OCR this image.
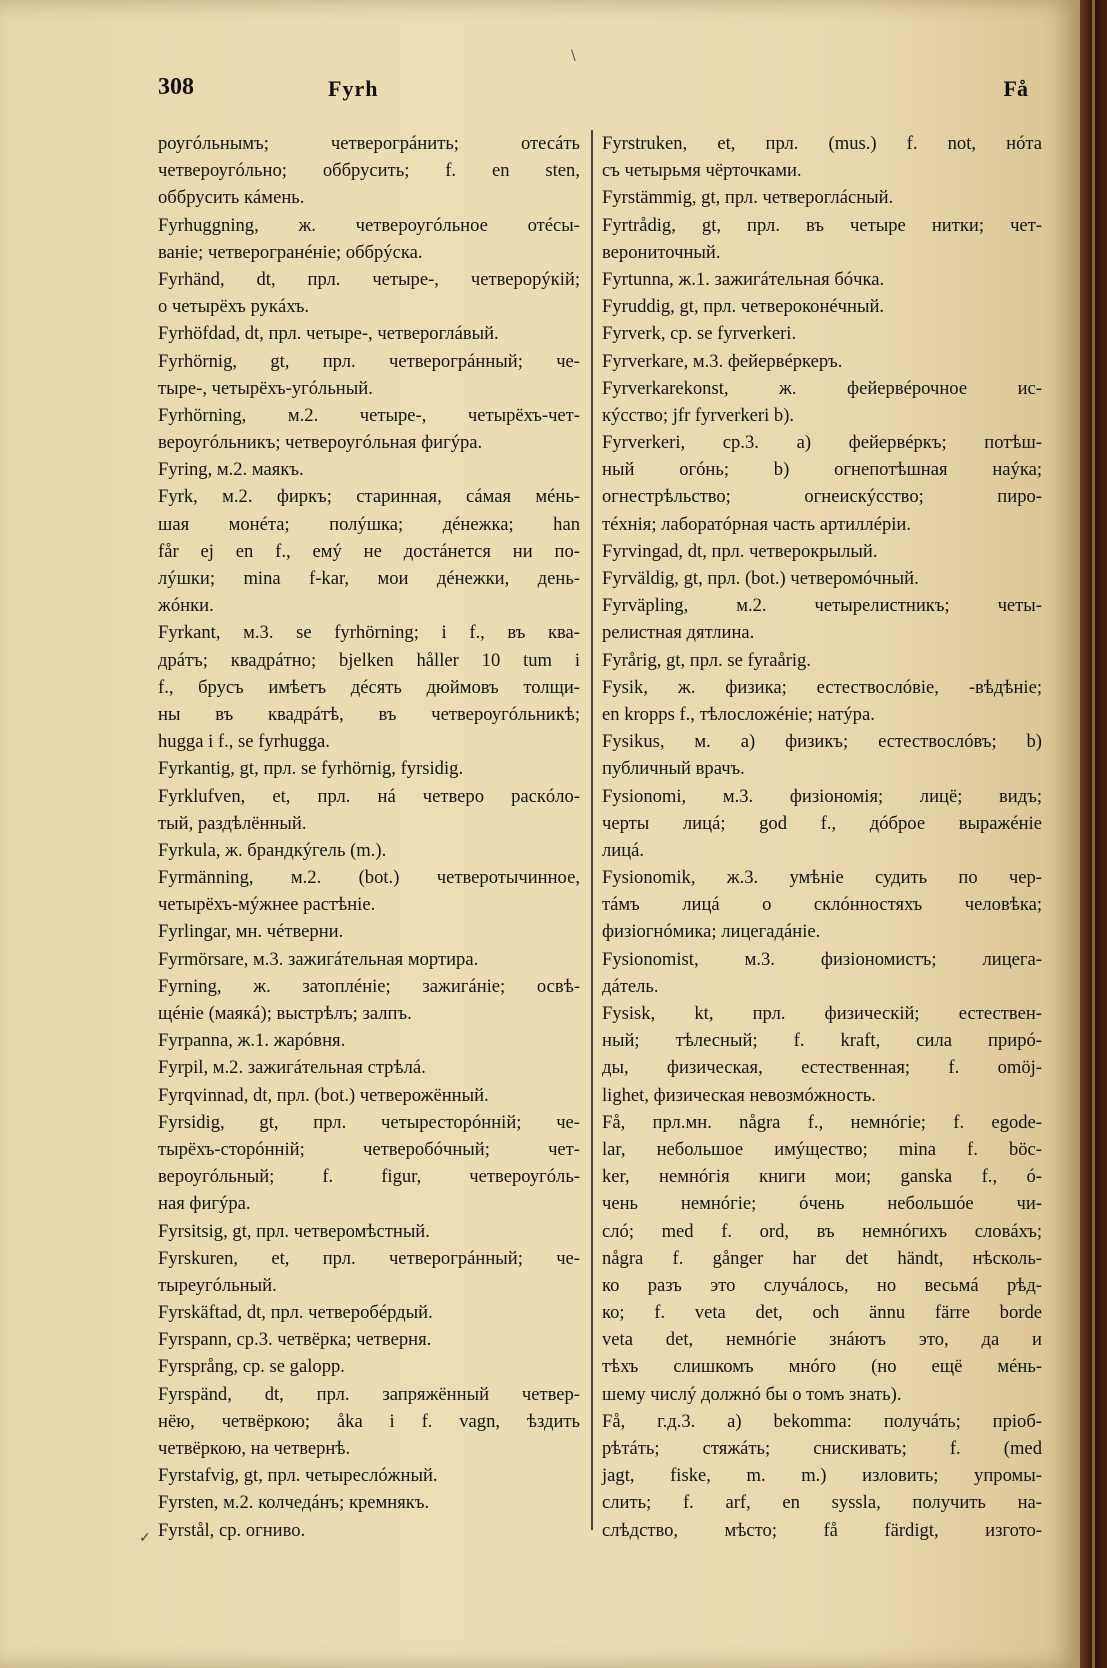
\
✓
308	Fyrh	Få
роугóльнымъ; четверогрáнить; отесáть
четвероугóльно; оббрусить; f. en sten,
оббрусить кáмень.
Fyrhuggning, ж. четвероугóльное отéсы-
ваніе; четверогранéніе; оббрýска.
Fyrhänd, dt, прл. четыре-, четверорýкій;
о четырёхъ рукáхъ.
Fyrhöfdad, dt, прл. четыре-, четвероглáвый.
Fyrhörnig, gt, прл. четверогрáнный; че-
тыре-, четырёхъ-угóльный.
Fyrhörning, м.2. четыре-, четырёхъ-чет-
вероугóльникъ; четвероугóльная фигýра.
Fyring, м.2. маякъ.
Fyrk, м.2. фиркъ; старинная, сáмая мéнь-
шая монéта; полýшка; дéнежка; han
får ej en f., емý не достáнется ни по-
лýшки; mina f-kar, мои дéнежки, день-
жóнки.
Fyrkant, м.3. se fyrhörning; i f., въ ква-
дрáтъ; квадрáтно; bjelken håller 10 tum i
f., брусъ имѣетъ дéсять дюймовъ толщи-
ны въ квадрáтѣ, въ четвероугóльникѣ;
hugga i f., se fyrhugga.
Fyrkantig, gt, прл. se fyrhörnig, fyrsidig.
Fyrklufven, et, прл. нá четверо раскóло-
тый, раздѣлённый.
Fyrkula, ж. брандкýгель (m.).
Fyrmänning, м.2. (bot.) четверотычинное,
четырёхъ-мýжнее растѣніе.
Fyrlingar, мн. чéтверни.
Fyrmörsare, м.3. зажигáтельная мортира.
Fyrning, ж. затоплéніе; зажигáніе; освѣ-
щéніе (маякá); выстрѣлъ; залпъ.
Fyrpanna, ж.1. жарóвня.
Fyrpil, м.2. зажигáтельная стрѣлá.
Fyrqvinnad, dt, прл. (bot.) четверожённый.
Fyrsidig, gt, прл. четыресторóнній; че-
тырёхъ-сторóнній; четверобóчный; чет-
вероугóльный; f. figur, четвероугóль-
ная фигýра.
Fyrsitsig, gt, прл. четверомѣстный.
Fyrskuren, et, прл. четверогрáнный; че-
тыреугóльный.
Fyrskäftad, dt, прл. четверобéрдый.
Fyrspann, ср.3. четвёрка; четверня.
Fyrsprång, ср. se galopp.
Fyrspänd, dt, прл. запряжённый четвер-
нёю, четвёркою; åka i f. vagn, ѣздить
четвёркою, на четвернѣ.
Fyrstafvig, gt, прл. четырeслóжный.
Fyrsten, м.2. колчедáнъ; кремнякъ.
Fyrstål, ср. огниво.
Fyrstruken, et, прл. (mus.) f. not, нóта
съ четырьмя чёрточками.
Fyrstämmig, gt, прл. четвероглáсный.
Fyrtrådig, gt, прл. въ четыре нитки; чет-
верониточный.
Fyrtunna, ж.1. зажигáтельная бóчка.
Fyruddig, gt, прл. четвероконéчный.
Fyrverk, ср. se fyrverkeri.
Fyrverkare, м.3. фейервéркеръ.
Fyrverkarekonst, ж. фейервéрочное ис-
кýсство; jfr fyrverkeri b).
Fyrverkeri, ср.3. a) фейервéркъ; потѣш-
ный огóнь; b) огнепотѣшная наýка;
огнестрѣльство; огнеискýсство; пиро-
тéхнія; лаборатóрная часть артиллéріи.
Fyrvingad, dt, прл. четверокрылый.
Fyrväldig, gt, прл. (bot.) четверомóчный.
Fyrväpling, м.2. четырелистникъ; четы-
релистная дятлина.
Fyrårig, gt, прл. se fyraårig.
Fysik, ж. физика; естествослóвіе, -вѣдѣніе;
en kropps f., тѣлосложéніе; натýра.
Fysikus, м. a) физикъ; естествослóвъ; b)
публичный врачъ.
Fysionomi, м.3. физіономія; лицё; видъ;
черты лицá; god f., дóброе выражéніе
лицá.
Fysionomik, ж.3. умѣніе судить по чер-
тáмъ лицá о склóнностяхъ человѣка;
физіогнóмика; лицегадáніе.
Fysionomist, м.3. физіономистъ; лицега-
дáтель.
Fysisk, kt, прл. физическій; естествен-
ный; тѣлесный; f. kraft, сила прирó-
ды, физическая, естественная; f. omöj-
lighet, физическая невозмóжность.
Få, прл.мн. några f., немнóгіе; f. egode-
lar, небольшое имýщество; mina f. böc-
ker, немнóгія книги мои; ganska f., ó-
чень немнóгіе; óчень небольшóе чи-
слó; med f. ord, въ немнóгихъ словáхъ;
några f. gånger har det händt, нѣсколь-
ко разъ это случáлось, но весьмá рѣд-
ко; f. veta det, och ännu färre borde
veta det, немнóгіе знáютъ это, да и
тѣхъ слишкомъ мнóго (но ещё мéнь-
шему числý должнó бы о томъ знать).
Få, г.д.3. a) bekomma: получáть; пріоб-
рѣтáть; стяжáть; снискивать; f. (med
jagt, fiske, m. m.) изловить; упромы-
слить; f. arf, en syssla, получить на-
слѣдство, мѣсто; få färdigt, изгото-
